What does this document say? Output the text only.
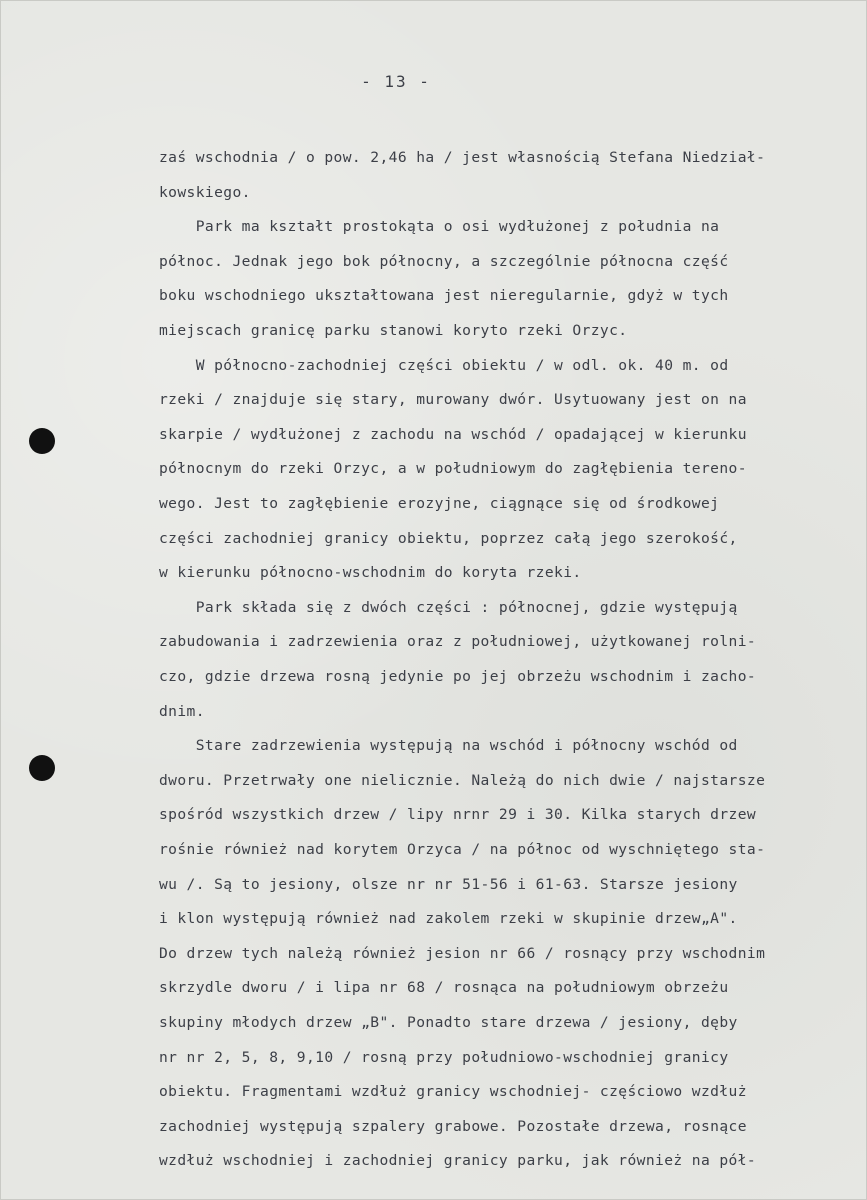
- 13 -

zaś wschodnia / o pow. 2,46 ha / jest własnością Stefana Niedział-

kowskiego.

Park ma kształt prostokąta o osi wydłużonej z południa na

północ. Jednak jego bok północny, a szczególnie północna część

boku wschodniego ukształtowana jest nieregularnie, gdyż w tych

miejscach granicę parku stanowi koryto rzeki Orzyc.

W północno-zachodniej części obiektu / w odl. ok. 40 m. od

rzeki / znajduje się stary, murowany dwór. Usytuowany jest on na

skarpie / wydłużonej z zachodu na wschód / opadającej w kierunku

północnym do rzeki Orzyc, a w południowym do zagłębienia tereno-

wego. Jest to zagłębienie erozyjne, ciągnące się od środkowej

części zachodniej granicy obiektu, poprzez całą jego szerokość,

w kierunku północno-wschodnim do koryta rzeki.

Park składa się z dwóch części : północnej, gdzie występują

zabudowania i zadrzewienia oraz z południowej, użytkowanej rolni-

czo, gdzie drzewa rosną jedynie po jej obrzeżu wschodnim i zacho-

dnim.

Stare zadrzewienia występują na wschód i północny wschód od

dworu. Przetrwały one nielicznie. Należą do nich dwie / najstarsze

spośród wszystkich drzew / lipy nrnr 29 i 30. Kilka starych drzew

rośnie również nad korytem Orzyca / na północ od wyschniętego sta-

wu /. Są to jesiony, olsze nr nr 51-56 i 61-63. Starsze jesiony

i klon występują również nad zakolem rzeki w skupinie drzew„A".

Do drzew tych należą również jesion nr 66 / rosnący przy wschodnim

skrzydle dworu / i lipa nr 68 / rosnąca na południowym obrzeżu

skupiny młodych drzew „B". Ponadto stare drzewa / jesiony, dęby

nr nr 2, 5, 8, 9,10 / rosną przy południowo-wschodniej granicy

obiektu. Fragmentami wzdłuż granicy wschodniej- częściowo wzdłuż

zachodniej występują szpalery grabowe. Pozostałe drzewa, rosnące

wzdłuż wschodniej i zachodniej granicy parku, jak również na pół-
